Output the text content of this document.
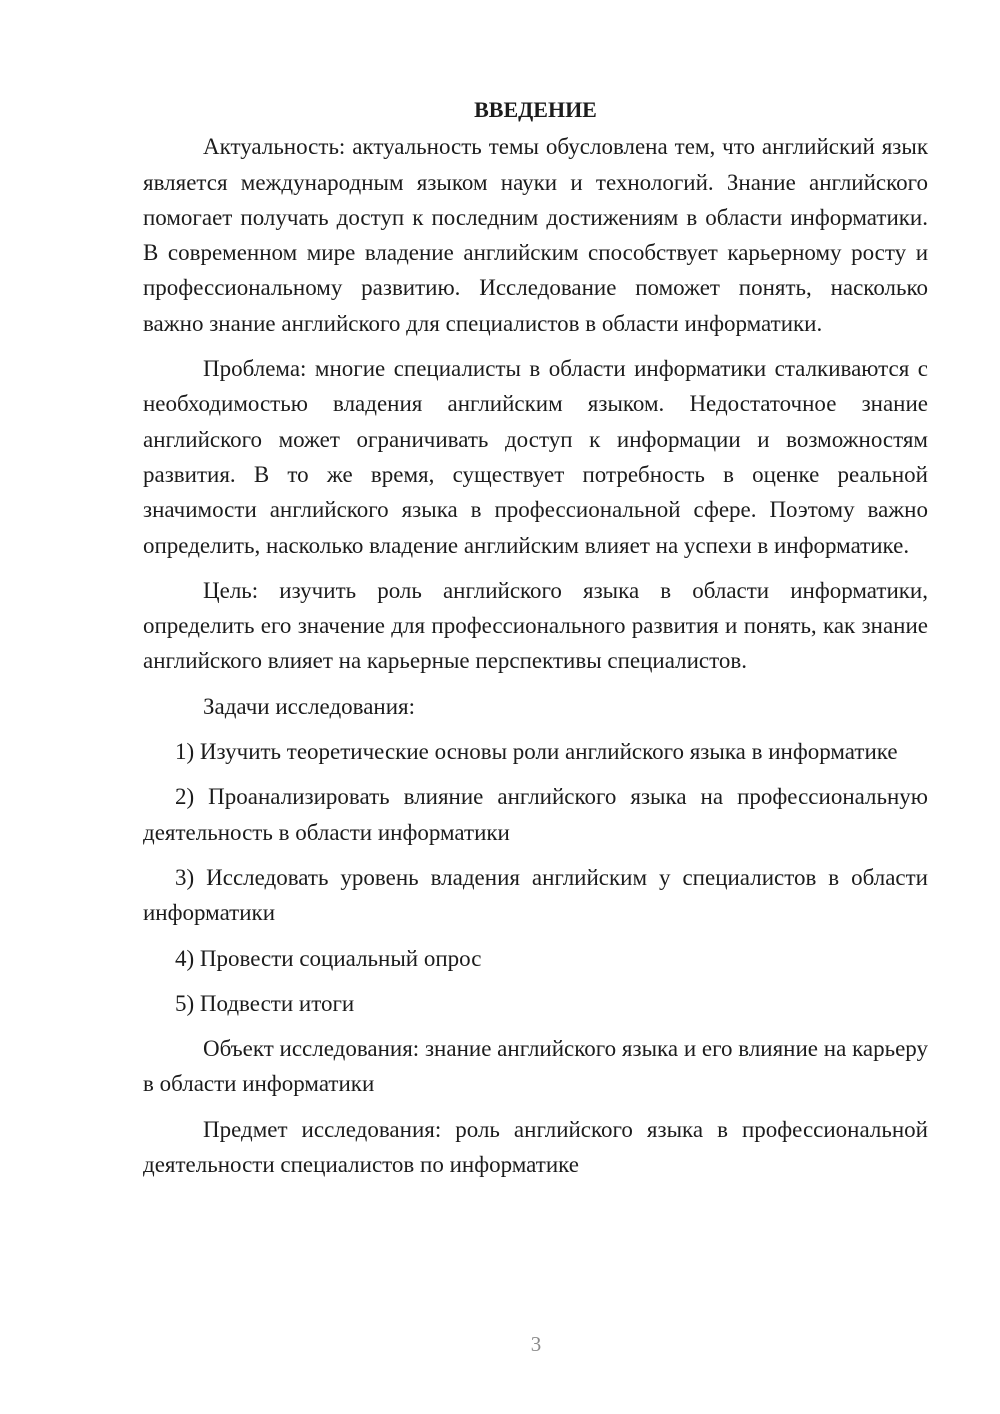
ВВЕДЕНИЕ

Актуальность: актуальность темы обусловлена тем, что английский язык является международным языком науки и технологий. Знание английского помогает получать доступ к последним достижениям в области информатики. В современном мире владение английским способствует карьерному росту и профессиональному развитию. Исследование поможет понять, насколько важно знание английского для специалистов в области информатики.

Проблема: многие специалисты в области информатики сталкиваются с необходимостью владения английским языком. Недостаточное знание английского может ограничивать доступ к информации и возможностям развития. В то же время, существует потребность в оценке реальной значимости английского языка в профессиональной сфере. Поэтому важно определить, насколько владение английским влияет на успехи в информатике.

Цель: изучить роль английского языка в области информатики, определить его значение для профессионального развития и понять, как знание английского влияет на карьерные перспективы специалистов.

Задачи исследования:

1) Изучить теоретические основы роли английского языка в информатике

2) Проанализировать влияние английского языка на профессиональную деятельность в области информатики

3) Исследовать уровень владения английским у специалистов в области информатики

4) Провести социальный опрос

5) Подвести итоги

Объект исследования: знание английского языка и его влияние на карьеру в области информатики

Предмет исследования: роль английского языка в профессиональной деятельности специалистов по информатике

3
